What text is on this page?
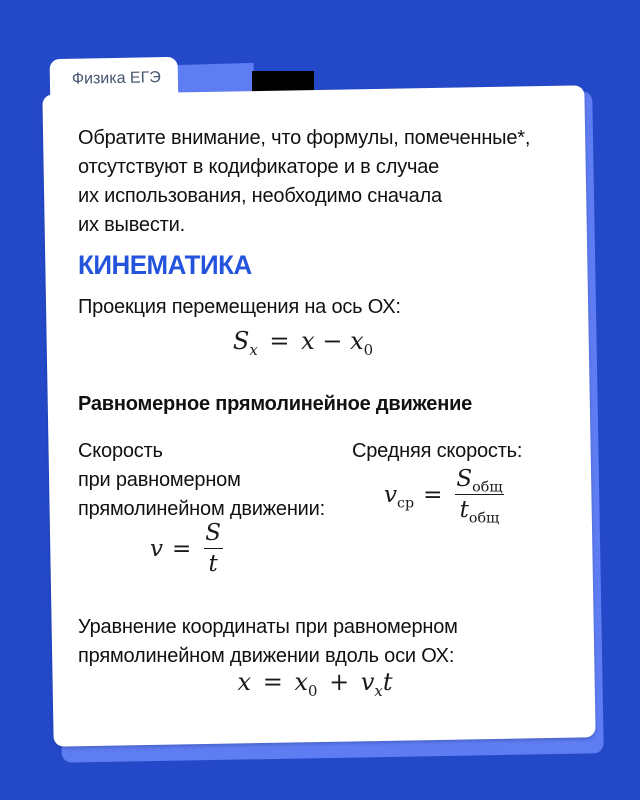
Физика ЕГЭ
Обратите внимание, что формулы, помеченные*,
отсутствуют в кодификаторе и в случае
их использования, необходимо сначала
их вывести.
КИНЕМАТИКА
Проекция перемещения на ось ОХ:
$S_x = x - x_0$
Равномерное прямолинейное движение
Скорость
при равномерном
прямолинейном движении:
Средняя скорость:
$v_{ср} = \frac{S_{общ}}{t_{общ}}$
$v = \frac{S}{t}$
Уравнение координаты при равномерном
прямолинейном движении вдоль оси ОХ:
$x = x_0 + v_xt$
